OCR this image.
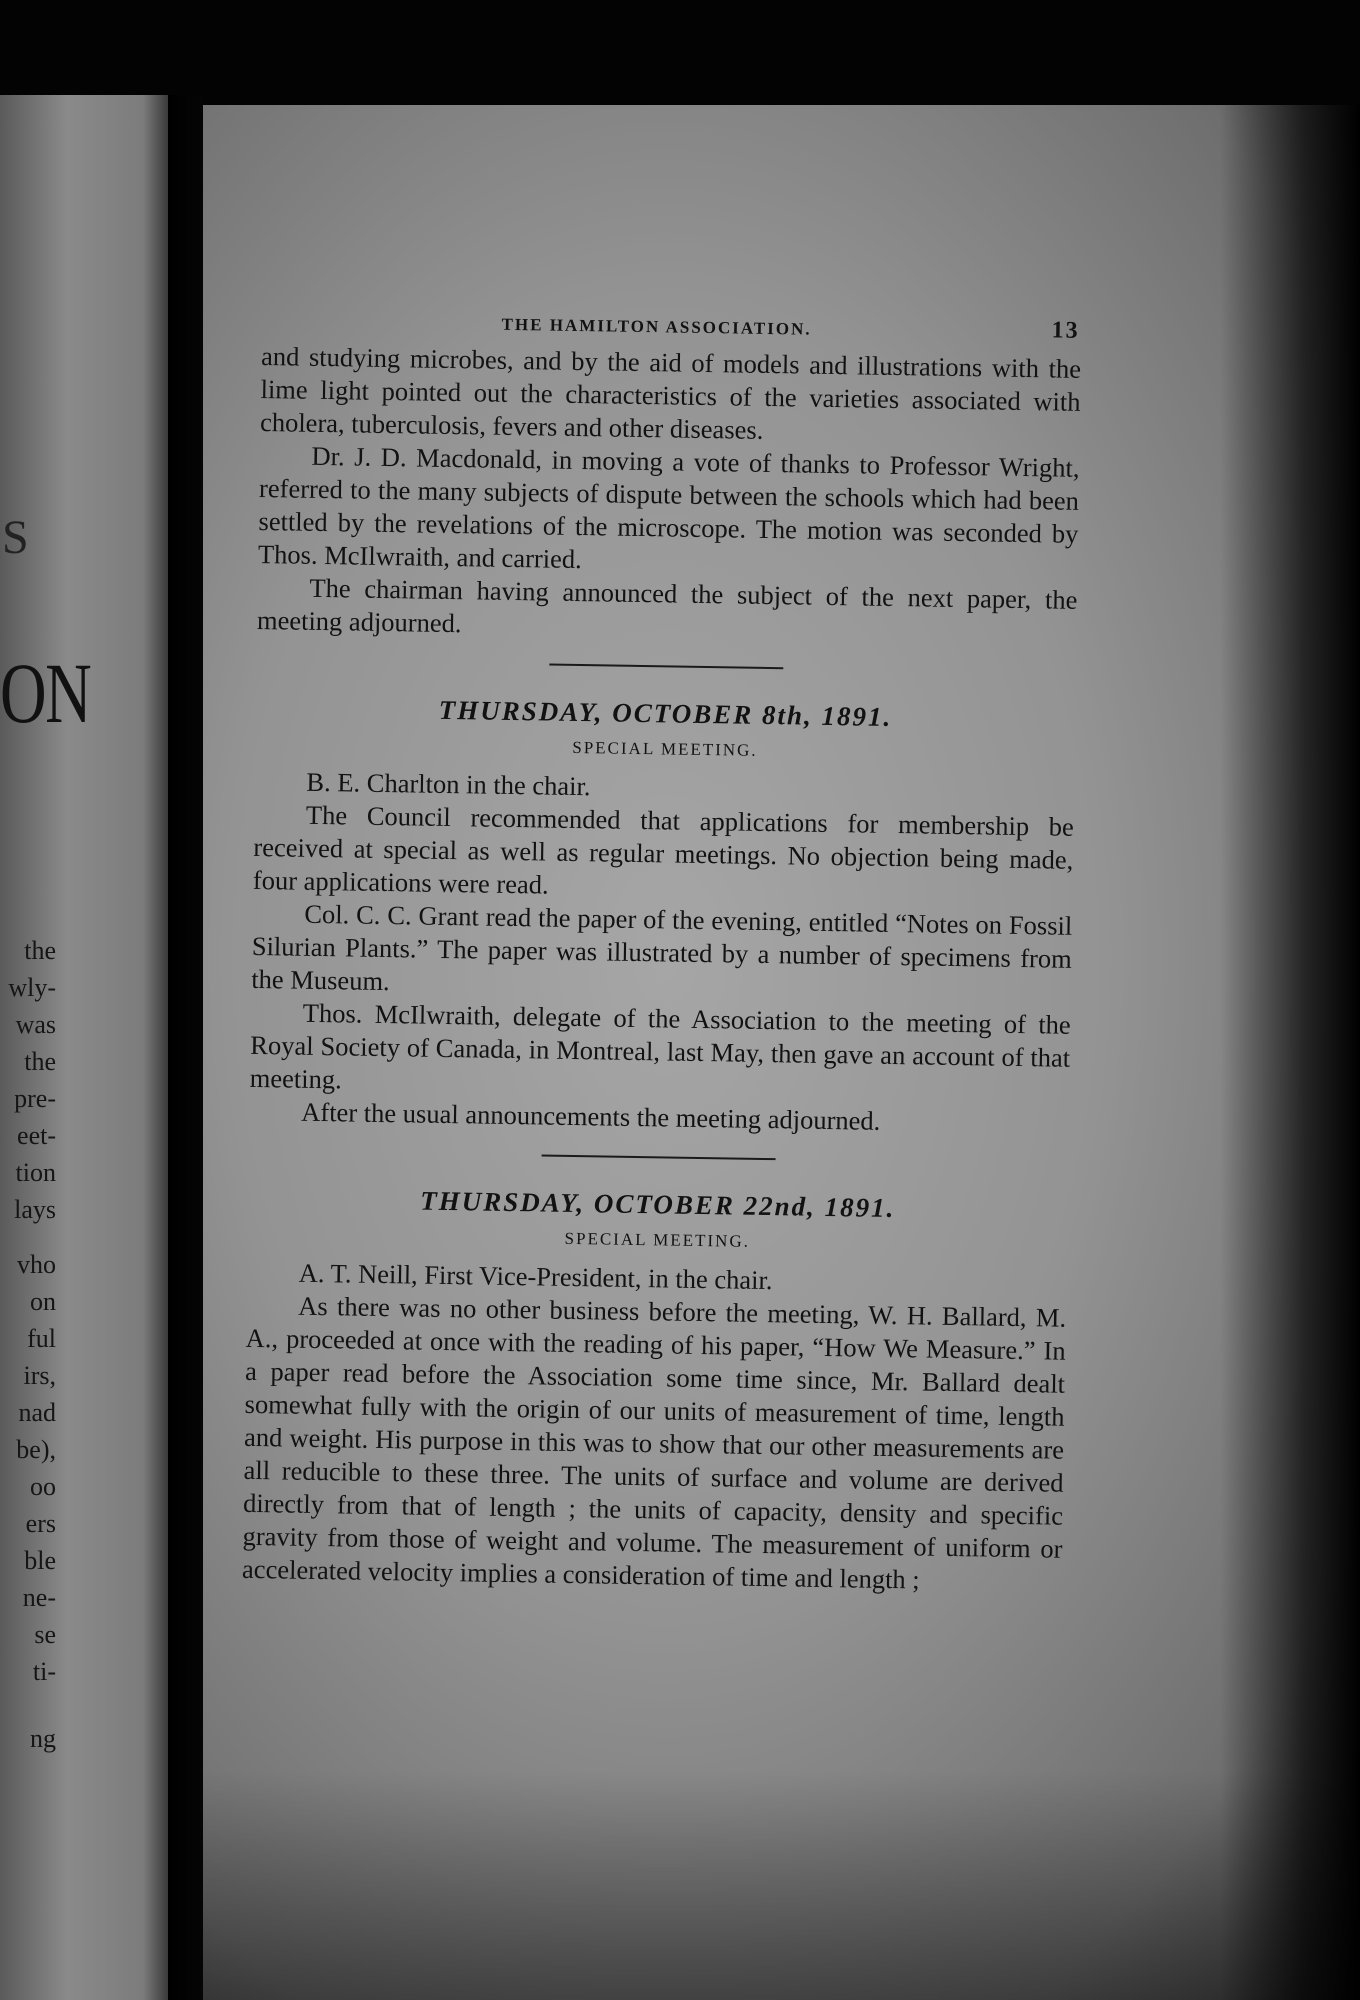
S
ON
the
wly-
was
the
pre-
eet-
tion
lays
vho
on
ful
irs,
nad
be),
oo
ers
ble
ne-
se
ti-
ng
THE HAMILTON ASSOCIATION.	13

and studying microbes, and by the aid of models and illustrations with the lime light pointed out the characteristics of the varieties associated with cholera, tuberculosis, fevers and other diseases.

Dr. J. D. Macdonald, in moving a vote of thanks to Professor Wright, referred to the many subjects of dispute between the schools which had been settled by the revelations of the microscope. The motion was seconded by Thos. McIlwraith, and carried.

The chairman having announced the subject of the next paper, the meeting adjourned.

THURSDAY, OCTOBER 8th, 1891.

SPECIAL MEETING.

B. E. Charlton in the chair.

The Council recommended that applications for membership be received at special as well as regular meetings. No objection being made, four applications were read.

Col. C. C. Grant read the paper of the evening, entitled “Notes on Fossil Silurian Plants.” The paper was illustrated by a number of specimens from the Museum.

Thos. McIlwraith, delegate of the Association to the meeting of the Royal Society of Canada, in Montreal, last May, then gave an account of that meeting.

After the usual announcements the meeting adjourned.

THURSDAY, OCTOBER 22nd, 1891.

SPECIAL MEETING.

A. T. Neill, First Vice-President, in the chair.

As there was no other business before the meeting, W. H. Ballard, M. A., proceeded at once with the reading of his paper, “How We Measure.” In a paper read before the Association some time since, Mr. Ballard dealt somewhat fully with the origin of our units of measurement of time, length and weight. His purpose in this was to show that our other measurements are all reducible to these three. The units of surface and volume are derived directly from that of length ; the units of capacity, density and specific gravity from those of weight and volume. The measurement of uniform or accelerated velocity implies a consideration of time and length ;
